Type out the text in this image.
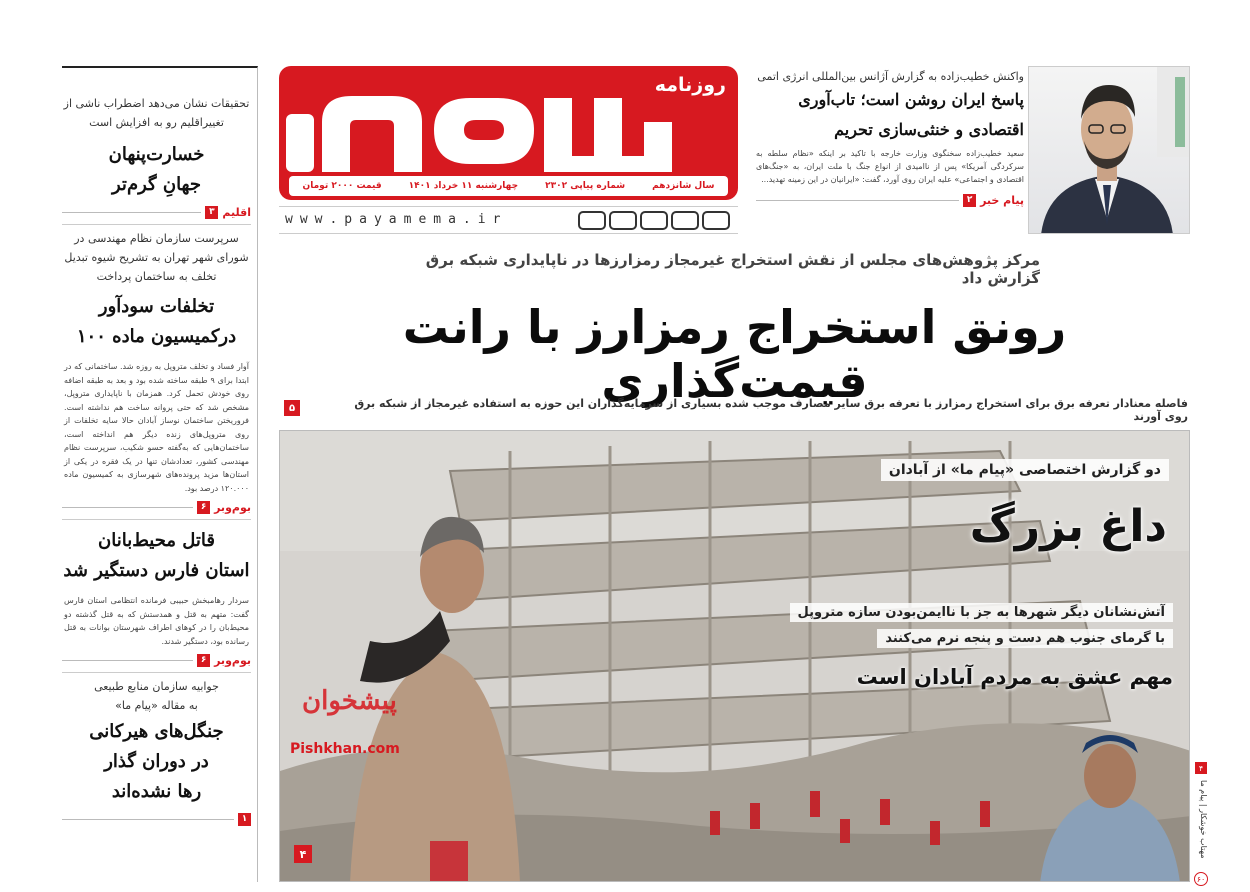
تحقیقات نشان می‌دهد اضطراب ناشی از تغییراقلیم رو به افزایش است

خسارت‌پنهان

جهانِ گرم‌تر

اقلیم
۳

سرپرست سازمان نظام مهندسی در شورای شهر تهران به تشریح شیوه تبدیل تخلف به ساختمان پرداخت

تخلفات سودآور

درکمیسیون ماده ۱۰۰

آوار فساد و تخلف متروپل به روزه شد. ساختمانی که در ابتدا برای ۹ طبقه ساخته شده بود و بعد به طبقه اضافه روی خودش تحمل کرد. همزمان با ناپایداری متروپل، مشخص شد که حتی پروانه ساخت هم نداشته است. فروریختن ساختمان نوساز آبادان حالا سایه تخلفات از روی متروپل‌های زنده دیگر هم انداخته است، ساختمان‌هایی که به‌گفته حسو شکیب، سرپرست نظام مهندسی کشور، تعدادشان تنها در یک فقره در یکی از استان‌ها مزید پرونده‌های شهرسازی به کمیسیون ماده ۱۲۰.۰۰۰ درصد بود.

بوم‌وبر
۶

قاتل محیط‌بانان

استان فارس دستگیر شد

سردار رهامبخش حبیبی فرمانده انتظامی استان فارس گفت: متهم به قتل و همدستش که به قتل گذشته دو محیط‌بان را در کوهای اطراف شهرستان بوانات به قتل رسانده بود، دستگیر شدند.

بوم‌وبر
۶

جوابیه سازمان منابع طبیعی

به مقاله «پیام ما»

جنگل‌های هیرکانی

در دوران گذار

رها نشده‌اند

۱
روزنامه
سال شانزدهم
شماره پیاپی ۲۳۰۲
چهارشنبه ۱۱ خرداد ۱۴۰۱
قیمت ۲۰۰۰ تومان
www.payamema.ir

واکنش خطیب‌زاده به گزارش آژانس بین‌المللی انرژی اتمی

پاسخ ایران روشن است؛ تاب‌آوری

اقتصادی و خنثی‌سازی تحریم

سعید خطیب‌زاده سخنگوی وزارت خارجه با تاکید بر اینکه «نظام سلطه به سرکردگی آمریکا» پس از ناامیدی از انواع جنگ با ملت ایران، به «جنگ‌های اقتصادی و اجتماعی» علیه ایران روی آورد، گفت: «ایرانیان در این زمینه تهدید...

پیام خبر
۲

مرکز پژوهش‌های مجلس از نقش استخراج غیرمجاز رمزارزها در ناپایداری شبکه برق گزارش داد

رونق استخراج رمزارز با رانت قیمت‌گذاری

فاصله معنادار تعرفه برق برای استخراج رمزارز با تعرفه برق سایر مصارف موجب شده بسیاری از سرمایه‌گذاران این حوزه به استفاده غیرمجاز از شبکه برق روی آورند

۵

دو گزارش اختصاصی «پیام ما» از آبادان

داغ بزرگ

آتش‌نشانان دیگر شهرها به جز با ناایمن‌بودن سازه متروپل

با گرمای جنوب هم دست و پنجه نرم می‌کنند

مهم عشق به مردم آبادان است

پیشخوان

Pishkhan.com

۴
۴
مهتاب خوشکار | پیام ما
۶۰
